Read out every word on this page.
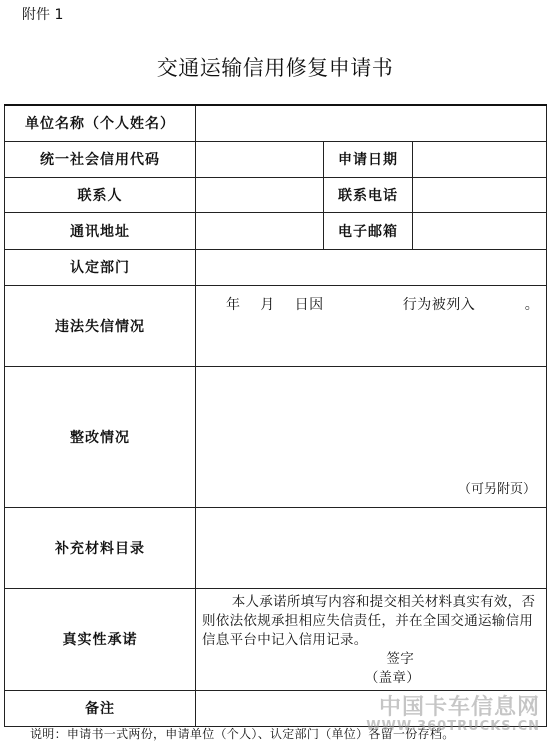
附件 1
交通运输信用修复申请书
单位名称（个人姓名）			
统一社会信用代码		申请日期	
联系人		联系电话	
通讯地址		电子邮箱	
认定部门			
违法失信情况	年    月    日因                行为被列入          。		

整改情况	（可另附页）		

补充材料目录			
真实性承诺	本人承诺所填写内容和提交相关材料真实有效，否则依法依规承担相应失信责任，并在全国交通运输信用信息平台中记入信用记录。
签字
（盖章）		

备注			
说明：申请书一式两份，申请单位（个人）、认定部门（单位）各留一份存档。
中国卡车信息网
WWW.360TRUCKS.CN
